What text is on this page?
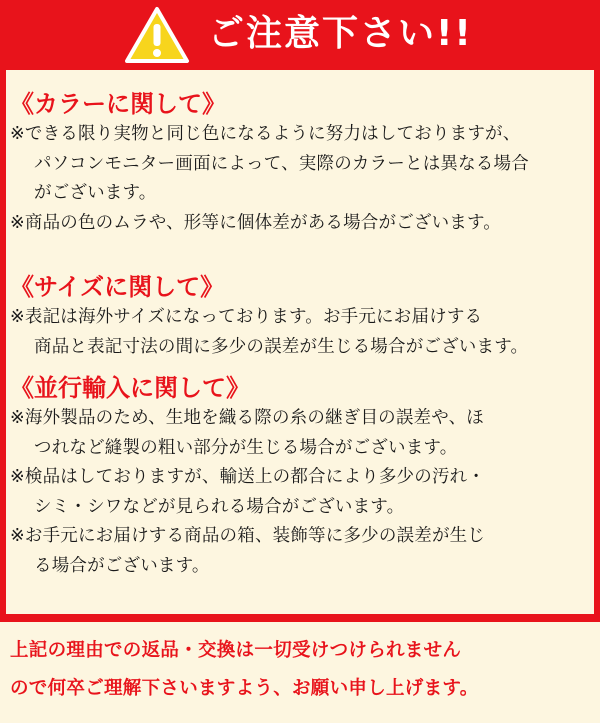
ご注意下さい!!
《カラーに関して》
※できる限り実物と同じ色になるように努力はしておりますが、
パソコンモニター画面によって、実際のカラーとは異なる場合
がございます。
※商品の色のムラや、形等に個体差がある場合がございます。
《サイズに関して》
※表記は海外サイズになっております。お手元にお届けする
商品と表記寸法の間に多少の誤差が生じる場合がございます。
《並行輸入に関して》
※海外製品のため、生地を織る際の糸の継ぎ目の誤差や、ほ
つれなど縫製の粗い部分が生じる場合がございます。
※検品はしておりますが、輸送上の都合により多少の汚れ・
シミ・シワなどが見られる場合がございます。
※お手元にお届けする商品の箱、装飾等に多少の誤差が生じ
る場合がございます。
上記の理由での返品・交換は一切受けつけられません
ので何卒ご理解下さいますよう、お願い申し上げます。
